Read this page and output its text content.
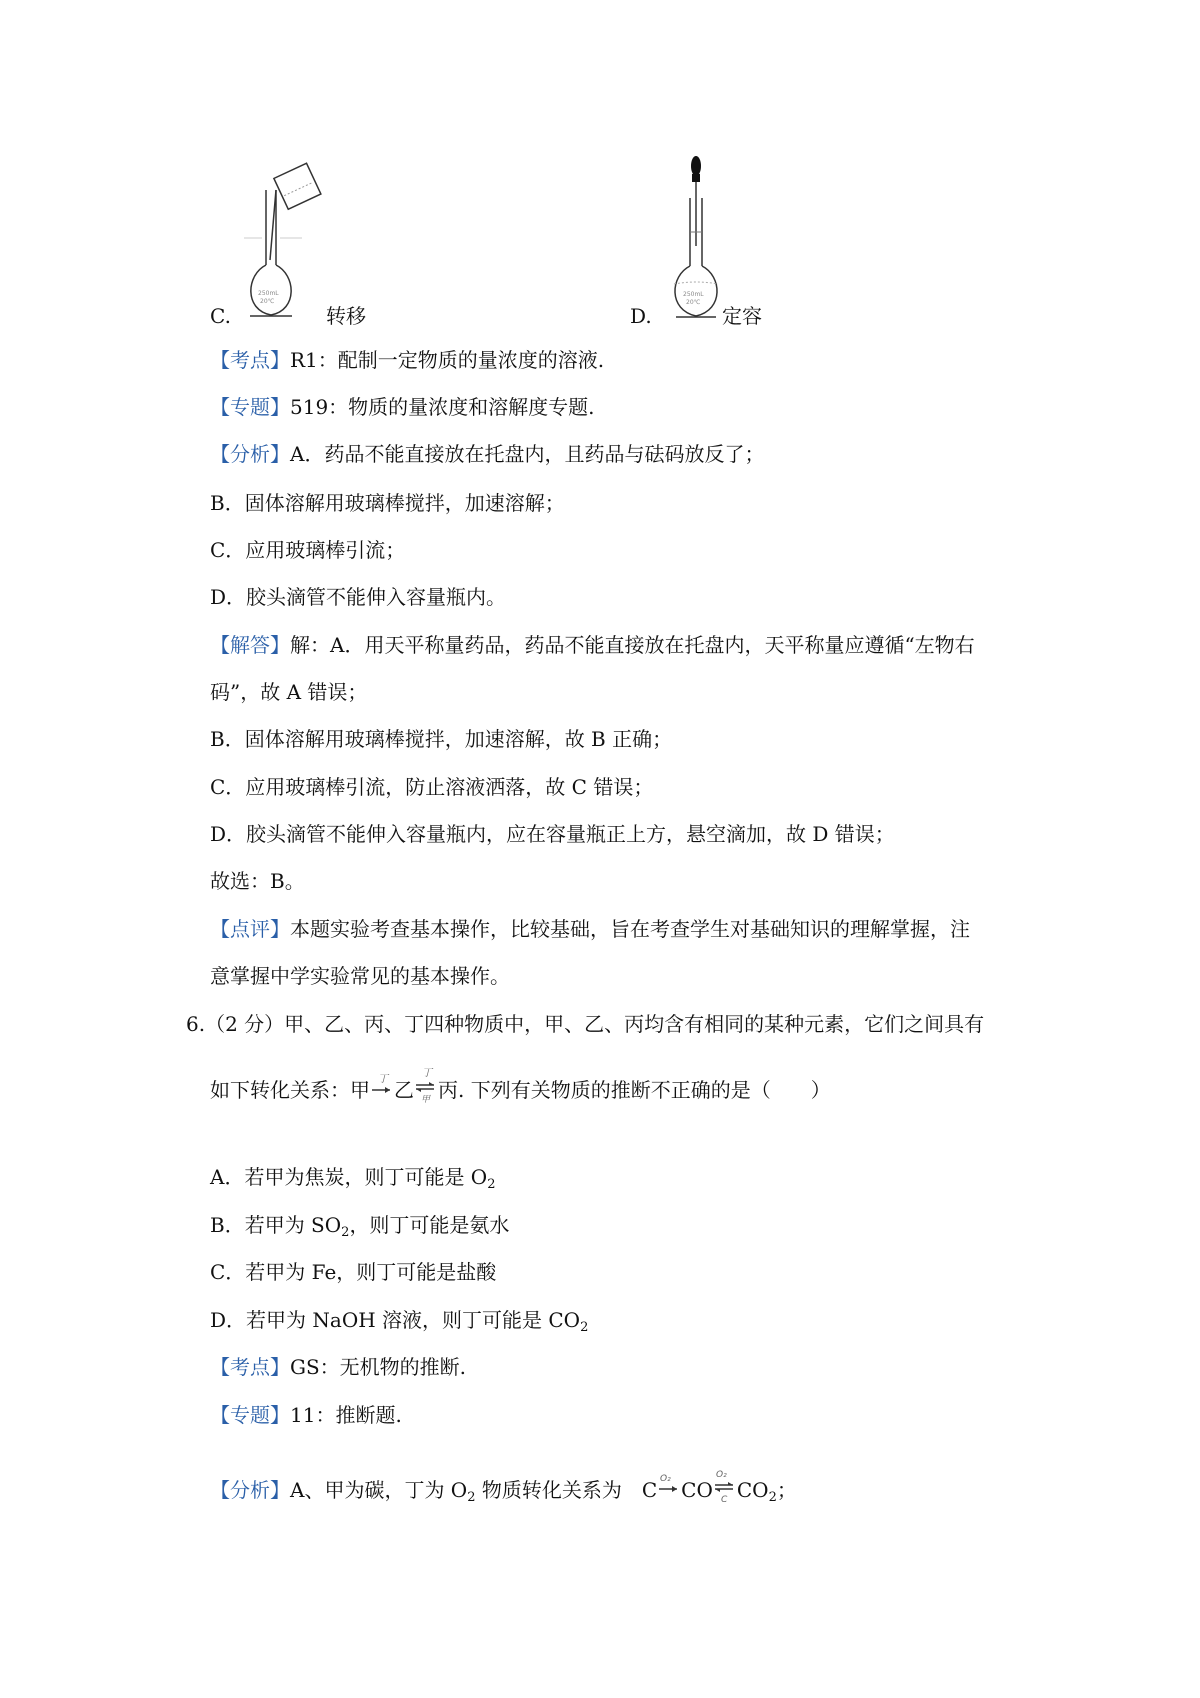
250mL
20℃
250mL
20℃
C.	转移	D.	定容
【考点】R1：配制一定物质的量浓度的溶液.
【专题】519：物质的量浓度和溶解度专题.
【分析】A．药品不能直接放在托盘内，且药品与砝码放反了；
B．固体溶解用玻璃棒搅拌，加速溶解；
C．应用玻璃棒引流；
D．胶头滴管不能伸入容量瓶内。
【解答】解：A．用天平称量药品，药品不能直接放在托盘内，天平称量应遵循“左物右
码”，故 A 错误；
B．固体溶解用玻璃棒搅拌，加速溶解，故 B 正确；
C．应用玻璃棒引流，防止溶液洒落，故 C 错误；
D．胶头滴管不能伸入容量瓶内，应在容量瓶正上方，悬空滴加，故 D 错误；
故选：B。
【点评】本题实验考查基本操作，比较基础，旨在考查学生对基础知识的理解掌握，注
意掌握中学实验常见的基本操作。
6.（2 分）甲、乙、丙、丁四种物质中，甲、乙、丙均含有相同的某种元素，它们之间具有
如下转化关系：甲 丁 乙
丁
甲 丙. 下列有关物质的推断不正确的是（　　）
A．若甲为焦炭，则丁可能是 $O_2$
B．若甲为 $SO_2$，则丁可能是氨水
C．若甲为 Fe，则丁可能是盐酸
D．若甲为 NaOH 溶液，则丁可能是 $CO_2$
【考点】GS：无机物的推断.
【专题】11：推断题.
【分析】A、甲为碳，丁为 $O_2$ 物质转化关系为　C O₂ CO
O₂
C $CO_2$；
